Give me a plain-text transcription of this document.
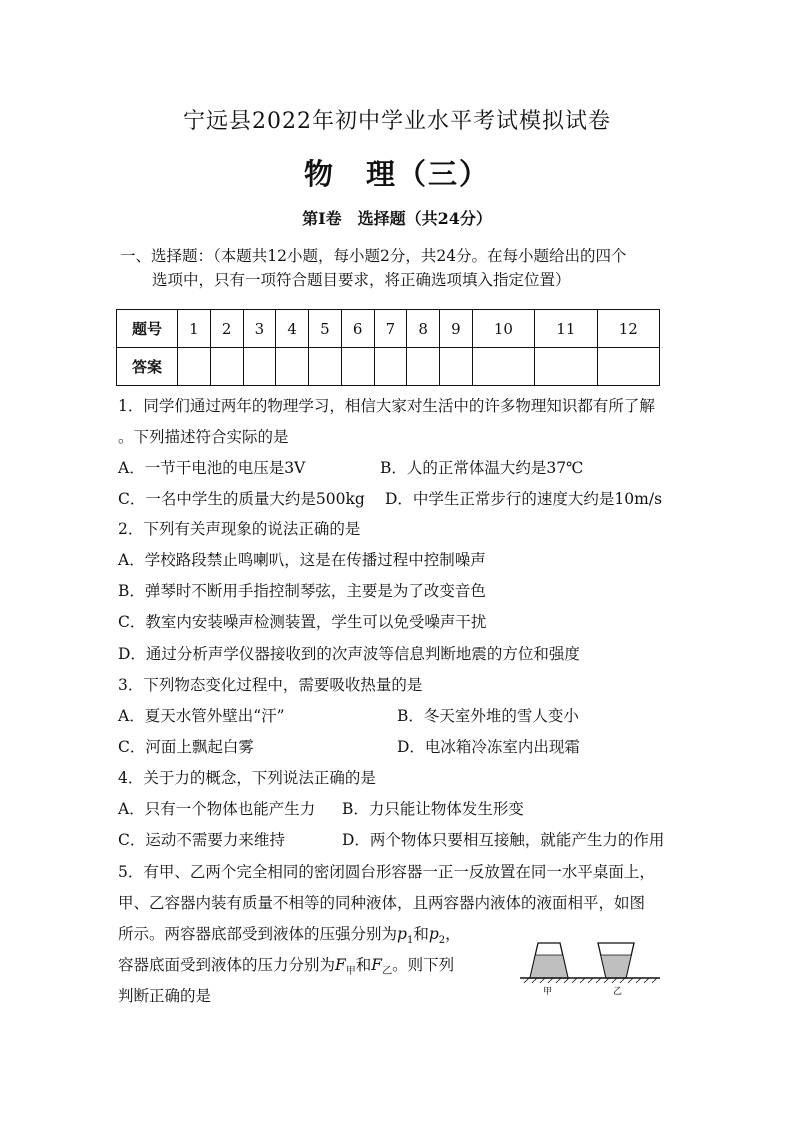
宁远县2022年初中学业水平考试模拟试卷
物　理（三）
第Ⅰ卷　选择题（共24分）
一、选择题：（本题共12小题，每小题2分，共24分。在每小题给出的四个
选项中，只有一项符合题目要求，将正确选项填入指定位置）
题号	1	2	3	4	5	6	7	8	9	10	11	12
答案												
1．同学们通过两年的物理学习，相信大家对生活中的许多物理知识都有所了解
。下列描述符合实际的是
A．一节干电池的电压是3V	B．人的正常体温大约是37℃
C．一名中学生的质量大约是500kg D．中学生正常步行的速度大约是10m/s
2．下列有关声现象的说法正确的是
A．学校路段禁止鸣喇叭，这是在传播过程中控制噪声
B．弹琴时不断用手指控制琴弦，主要是为了改变音色
C．教室内安装噪声检测装置，学生可以免受噪声干扰
D．通过分析声学仪器接收到的次声波等信息判断地震的方位和强度
3．下列物态变化过程中，需要吸收热量的是
A．夏天水管外壁出“汗”	B．冬天室外堆的雪人变小
C．河面上飘起白雾	D．电冰箱冷冻室内出现霜
4．关于力的概念，下列说法正确的是
A．只有一个物体也能产生力 B．力只能让物体发生形变
C．运动不需要力来维持	D．两个物体只要相互接触，就能产生力的作用
5．有甲、乙两个完全相同的密闭圆台形容器一正一反放置在同一水平桌面上，
甲、乙容器内装有质量不相等的同种液体，且两容器内液体的液面相平，如图
所示。两容器底部受到液体的压强分别为$p_1$和$p_2$，
容器底面受到液体的压力分别为$F_甲$和$F_乙$。则下列
判断正确的是	甲	乙
